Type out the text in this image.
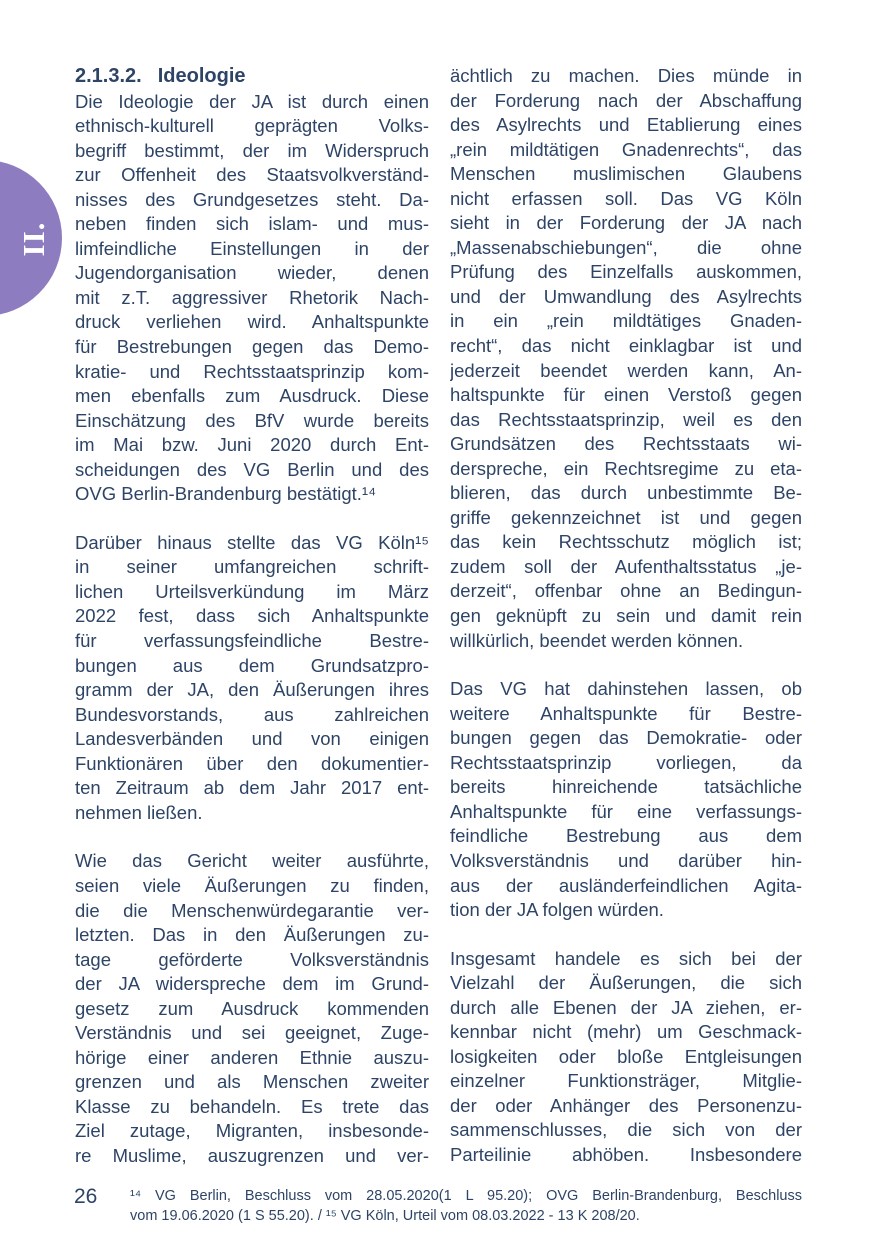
II.
2.1.3.2. Ideologie
Die Ideologie der JA ist durch einen
ethnisch-kulturell geprägten Volks-
begriff bestimmt, der im Widerspruch
zur Offenheit des Staatsvolkverständ-
nisses des Grundgesetzes steht. Da-
neben finden sich islam- und mus-
limfeindliche Einstellungen in der
Jugendorganisation wieder, denen
mit z.T. aggressiver Rhetorik Nach-
druck verliehen wird. Anhaltspunkte
für Bestrebungen gegen das Demo-
kratie- und Rechtsstaatsprinzip kom-
men ebenfalls zum Ausdruck. Diese
Einschätzung des BfV wurde bereits
im Mai bzw. Juni 2020 durch Ent-
scheidungen des VG Berlin und des
OVG Berlin-Brandenburg bestätigt.¹⁴
Darüber hinaus stellte das VG Köln¹⁵
in seiner umfangreichen schrift-
lichen Urteilsverkündung im März
2022 fest, dass sich Anhaltspunkte
für verfassungsfeindliche Bestre-
bungen aus dem Grundsatzpro-
gramm der JA, den Äußerungen ihres
Bundesvorstands, aus zahlreichen
Landesverbänden und von einigen
Funktionären über den dokumentier-
ten Zeitraum ab dem Jahr 2017 ent-
nehmen ließen.
Wie das Gericht weiter ausführte,
seien viele Äußerungen zu finden,
die die Menschenwürdegarantie ver-
letzten. Das in den Äußerungen zu-
tage geförderte Volksverständnis
der JA widerspreche dem im Grund-
gesetz zum Ausdruck kommenden
Verständnis und sei geeignet, Zuge-
hörige einer anderen Ethnie auszu-
grenzen und als Menschen zweiter
Klasse zu behandeln. Es trete das
Ziel zutage, Migranten, insbesonde-
re Muslime, auszugrenzen und ver-
ächtlich zu machen. Dies münde in
der Forderung nach der Abschaffung
des Asylrechts und Etablierung eines
„rein mildtätigen Gnadenrechts“, das
Menschen muslimischen Glaubens
nicht erfassen soll. Das VG Köln
sieht in der Forderung der JA nach
„Massenabschiebungen“, die ohne
Prüfung des Einzelfalls auskommen,
und der Umwandlung des Asylrechts
in ein „rein mildtätiges Gnaden-
recht“, das nicht einklagbar ist und
jederzeit beendet werden kann, An-
haltspunkte für einen Verstoß gegen
das Rechtsstaatsprinzip, weil es den
Grundsätzen des Rechtsstaats wi-
derspreche, ein Rechtsregime zu eta-
blieren, das durch unbestimmte Be-
griffe gekennzeichnet ist und gegen
das kein Rechtsschutz möglich ist;
zudem soll der Aufenthaltsstatus „je-
derzeit“, offenbar ohne an Bedingun-
gen geknüpft zu sein und damit rein
willkürlich, beendet werden können.
Das VG hat dahinstehen lassen, ob
weitere Anhaltspunkte für Bestre-
bungen gegen das Demokratie- oder
Rechtsstaatsprinzip vorliegen, da
bereits hinreichende tatsächliche
Anhaltspunkte für eine verfassungs-
feindliche Bestrebung aus dem
Volksverständnis und darüber hin-
aus der ausländerfeindlichen Agita-
tion der JA folgen würden.
Insgesamt handele es sich bei der
Vielzahl der Äußerungen, die sich
durch alle Ebenen der JA ziehen, er-
kennbar nicht (mehr) um Geschmack-
losigkeiten oder bloße Entgleisungen
einzelner Funktionsträger, Mitglie-
der oder Anhänger des Personenzu-
sammenschlusses, die sich von der
Parteilinie abhöben. Insbesondere
26 ¹⁴ VG Berlin, Beschluss vom 28.05.2020(1 L 95.20); OVG Berlin-Brandenburg, Beschluss
vom 19.06.2020 (1 S 55.20). / ¹⁵ VG Köln, Urteil vom 08.03.2022 - 13 K 208/20.
